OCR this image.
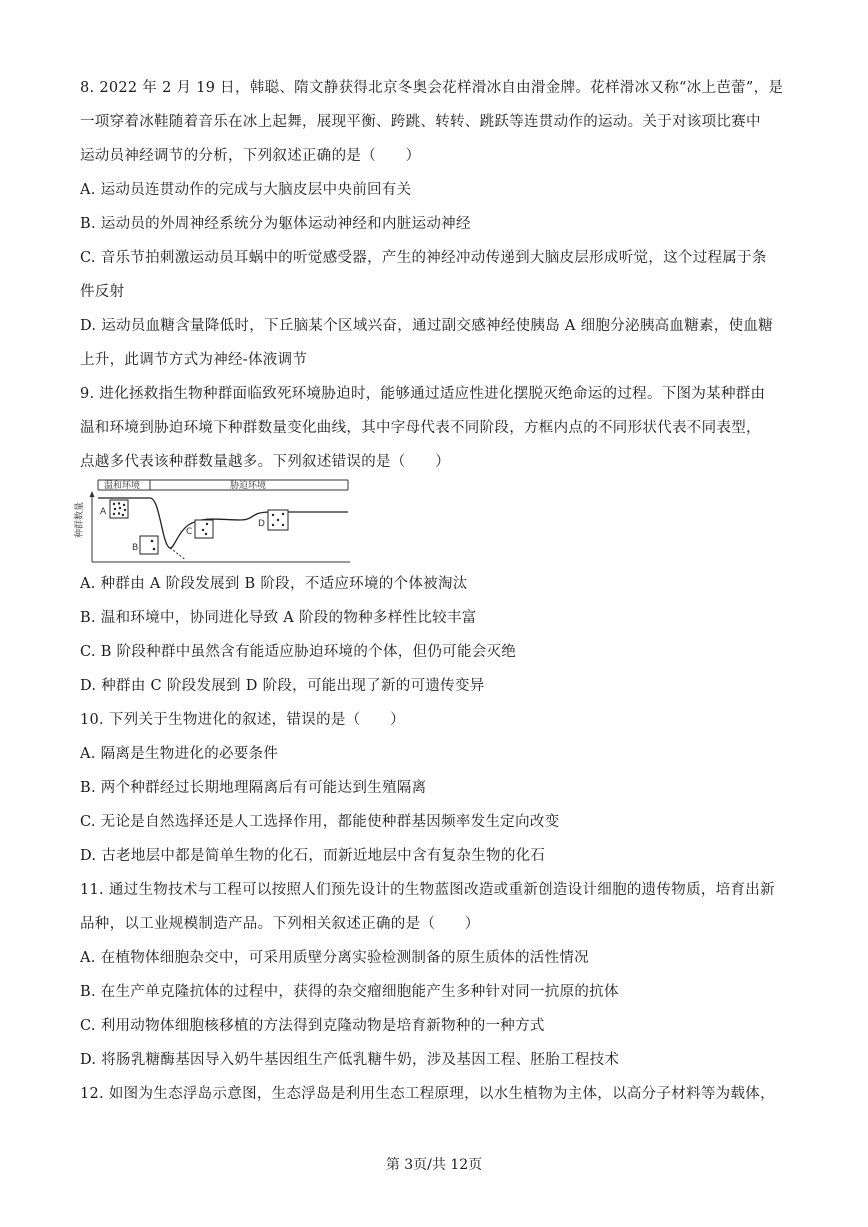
8. 2022 年 2 月 19 日，韩聪、隋文静获得北京冬奥会花样滑冰自由滑金牌。花样滑冰又称“冰上芭蕾”，是
一项穿着冰鞋随着音乐在冰上起舞，展现平衡、跨跳、转转、跳跃等连贯动作的运动。关于对该项比赛中
运动员神经调节的分析，下列叙述正确的是（　　）
A. 运动员连贯动作的完成与大脑皮层中央前回有关
B. 运动员的外周神经系统分为躯体运动神经和内脏运动神经
C. 音乐节拍刺激运动员耳蜗中的听觉感受器，产生的神经冲动传递到大脑皮层形成听觉，这个过程属于条
件反射
D. 运动员血糖含量降低时，下丘脑某个区域兴奋，通过副交感神经使胰岛 A 细胞分泌胰高血糖素，使血糖
上升，此调节方式为神经-体液调节
9. 进化拯救指生物种群面临致死环境胁迫时，能够通过适应性进化摆脱灭绝命运的过程。下图为某种群由
温和环境到胁迫环境下种群数量变化曲线，其中字母代表不同阶段，方框内点的不同形状代表不同表型，
点越多代表该种群数量越多。下列叙述错误的是（　　）
温和环境	胁迫环境
种群数量 A
B
C
D
A. 种群由 A 阶段发展到 B 阶段，不适应环境的个体被淘汰
B. 温和环境中，协同进化导致 A 阶段的物种多样性比较丰富
C. B 阶段种群中虽然含有能适应胁迫环境的个体，但仍可能会灭绝
D. 种群由 C 阶段发展到 D 阶段，可能出现了新的可遗传变异
10. 下列关于生物进化的叙述，错误的是（　　）
A. 隔离是生物进化的必要条件
B. 两个种群经过长期地理隔离后有可能达到生殖隔离
C. 无论是自然选择还是人工选择作用，都能使种群基因频率发生定向改变
D. 古老地层中都是简单生物的化石，而新近地层中含有复杂生物的化石
11. 通过生物技术与工程可以按照人们预先设计的生物蓝图改造或重新创造设计细胞的遗传物质，培育出新
品种，以工业规模制造产品。下列相关叙述正确的是（　　）
A. 在植物体细胞杂交中，可采用质壁分离实验检测制备的原生质体的活性情况
B. 在生产单克隆抗体的过程中，获得的杂交瘤细胞能产生多种针对同一抗原的抗体
C. 利用动物体细胞核移植的方法得到克隆动物是培育新物种的一种方式
D. 将肠乳糖酶基因导入奶牛基因组生产低乳糖牛奶，涉及基因工程、胚胎工程技术
12. 如图为生态浮岛示意图，生态浮岛是利用生态工程原理，以水生植物为主体，以高分子材料等为载体，
第 3页/共 12页
